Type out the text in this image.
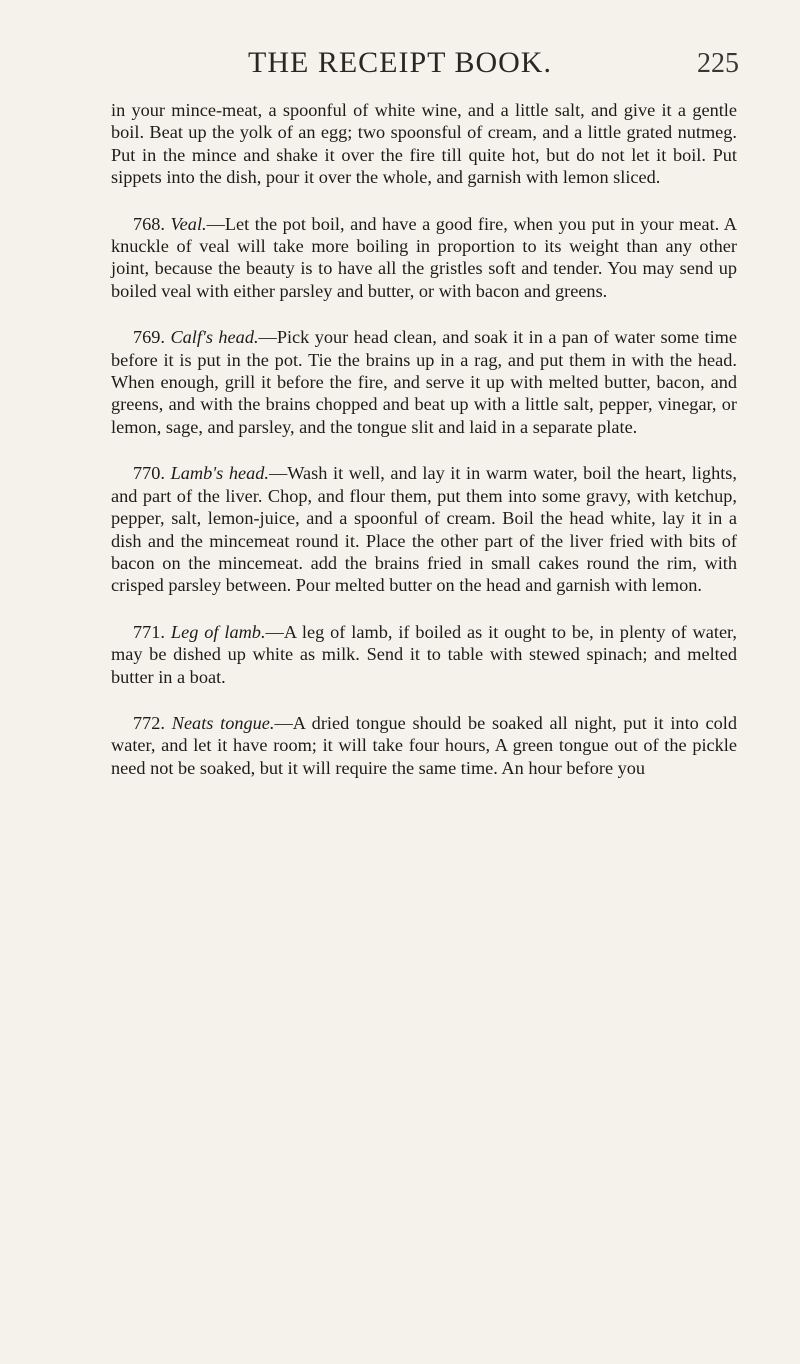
THE RECEIPT BOOK.	225

in your mince-meat, a spoonful of white wine, and a little salt, and give it a gentle boil. Beat up the yolk of an egg; two spoonsful of cream, and a little grated nutmeg. Put in the mince and shake it over the fire till quite hot, but do not let it boil. Put sippets into the dish, pour it over the whole, and garnish with lemon sliced.

768. Veal.—Let the pot boil, and have a good fire, when you put in your meat. A knuckle of veal will take more boiling in proportion to its weight than any other joint, because the beauty is to have all the gristles soft and tender. You may send up boiled veal with either parsley and butter, or with bacon and greens.

769. Calf's head.—Pick your head clean, and soak it in a pan of water some time before it is put in the pot. Tie the brains up in a rag, and put them in with the head. When enough, grill it before the fire, and serve it up with melted butter, bacon, and greens, and with the brains chopped and beat up with a little salt, pepper, vinegar, or lemon, sage, and parsley, and the tongue slit and laid in a separate plate.

770. Lamb's head.—Wash it well, and lay it in warm water, boil the heart, lights, and part of the liver. Chop, and flour them, put them into some gravy, with ketchup, pepper, salt, lemon-juice, and a spoonful of cream. Boil the head white, lay it in a dish and the mincemeat round it. Place the other part of the liver fried with bits of bacon on the mincemeat. add the brains fried in small cakes round the rim, with crisped parsley between. Pour melted butter on the head and garnish with lemon.

771. Leg of lamb.—A leg of lamb, if boiled as it ought to be, in plenty of water, may be dished up white as milk. Send it to table with stewed spinach; and melted butter in a boat.

772. Neats tongue.—A dried tongue should be soaked all night, put it into cold water, and let it have room; it will take four hours, A green tongue out of the pickle need not be soaked, but it will require the same time. An hour before you
